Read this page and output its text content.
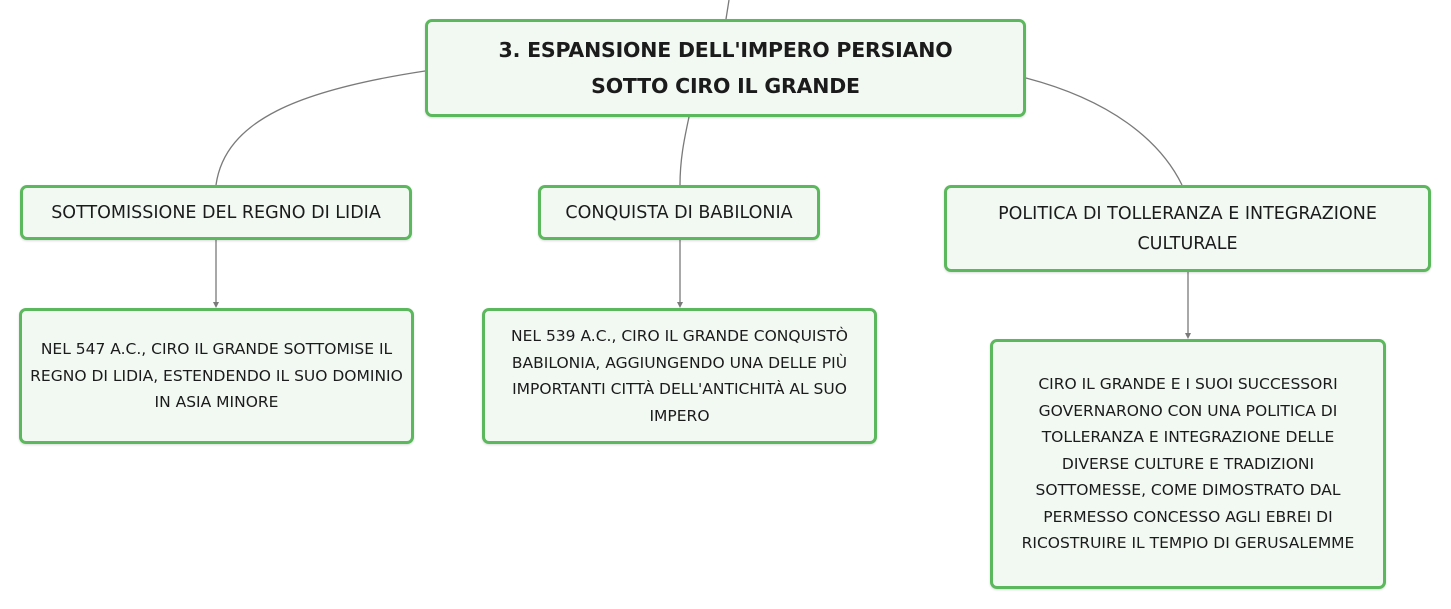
3. ESPANSIONE DELL'IMPERO PERSIANO SOTTO CIRO IL GRANDE
SOTTOMISSIONE DEL REGNO DI LIDIA	CONQUISTA DI BABILONIA	POLITICA DI TOLLERANZA E INTEGRAZIONE CULTURALE
NEL 547 A.C., CIRO IL GRANDE SOTTOMISE IL REGNO DI LIDIA, ESTENDENDO IL SUO DOMINIO IN ASIA MINORE
NEL 539 A.C., CIRO IL GRANDE CONQUISTÒ BABILONIA, AGGIUNGENDO UNA DELLE PIÙ IMPORTANTI CITTÀ DELL'ANTICHITÀ AL SUO IMPERO
CIRO IL GRANDE E I SUOI SUCCESSORI GOVERNARONO CON UNA POLITICA DI TOLLERANZA E INTEGRAZIONE DELLE DIVERSE CULTURE E TRADIZIONI SOTTOMESSE, COME DIMOSTRATO DAL PERMESSO CONCESSO AGLI EBREI DI RICOSTRUIRE IL TEMPIO DI GERUSALEMME
